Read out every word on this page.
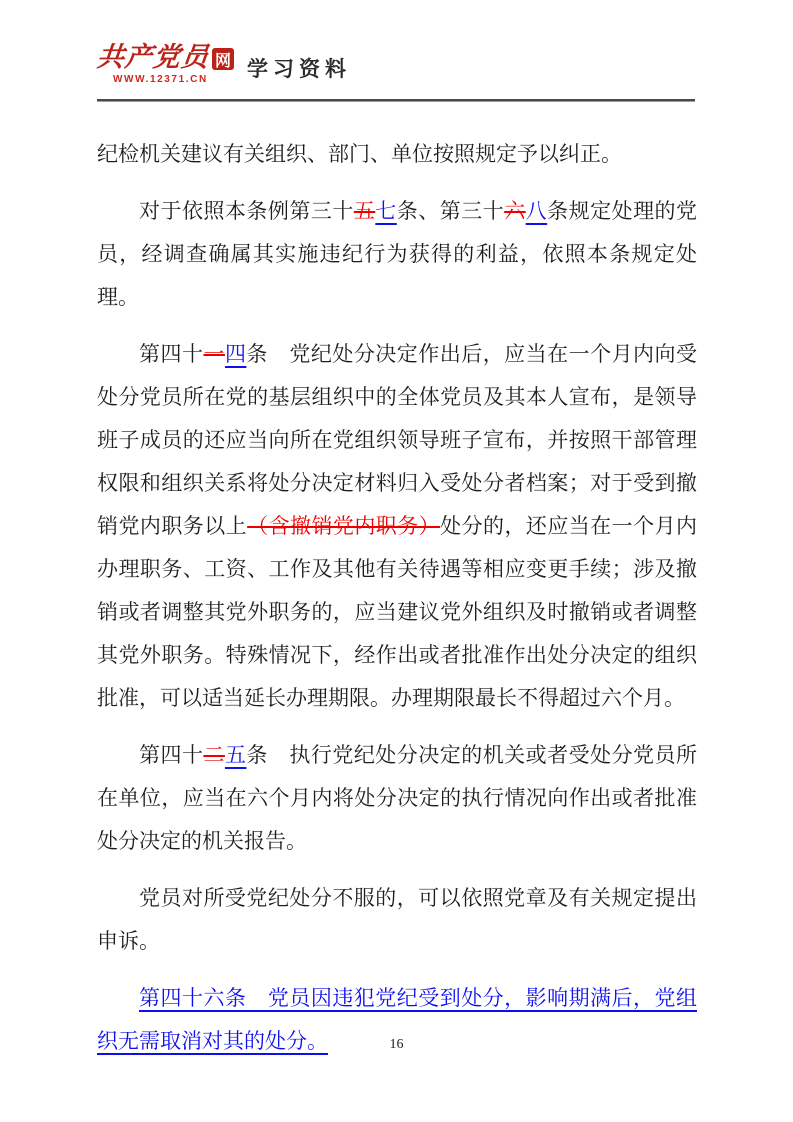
共产党员 网
WWW.12371.CN	学习资料

纪检机关建议有关组织、部门、单位按照规定予以纠正。

对于依照本条例第三十五七条、第三十六八条规定处理的党员，经调查确属其实施违纪行为获得的利益，依照本条规定处理。

第四十一四条　党纪处分决定作出后，应当在一个月内向受处分党员所在党的基层组织中的全体党员及其本人宣布，是领导班子成员的还应当向所在党组织领导班子宣布，并按照干部管理权限和组织关系将处分决定材料归入受处分者档案；对于受到撤销党内职务以上（含撤销党内职务）处分的，还应当在一个月内办理职务、工资、工作及其他有关待遇等相应变更手续；涉及撤销或者调整其党外职务的，应当建议党外组织及时撤销或者调整其党外职务。特殊情况下，经作出或者批准作出处分决定的组织批准，可以适当延长办理期限。办理期限最长不得超过六个月。

第四十二五条　执行党纪处分决定的机关或者受处分党员所在单位，应当在六个月内将处分决定的执行情况向作出或者批准处分决定的机关报告。

党员对所受党纪处分不服的，可以依照党章及有关规定提出申诉。

第四十六条　党员因违犯党纪受到处分，影响期满后，党组织无需取消对其的处分。	16
